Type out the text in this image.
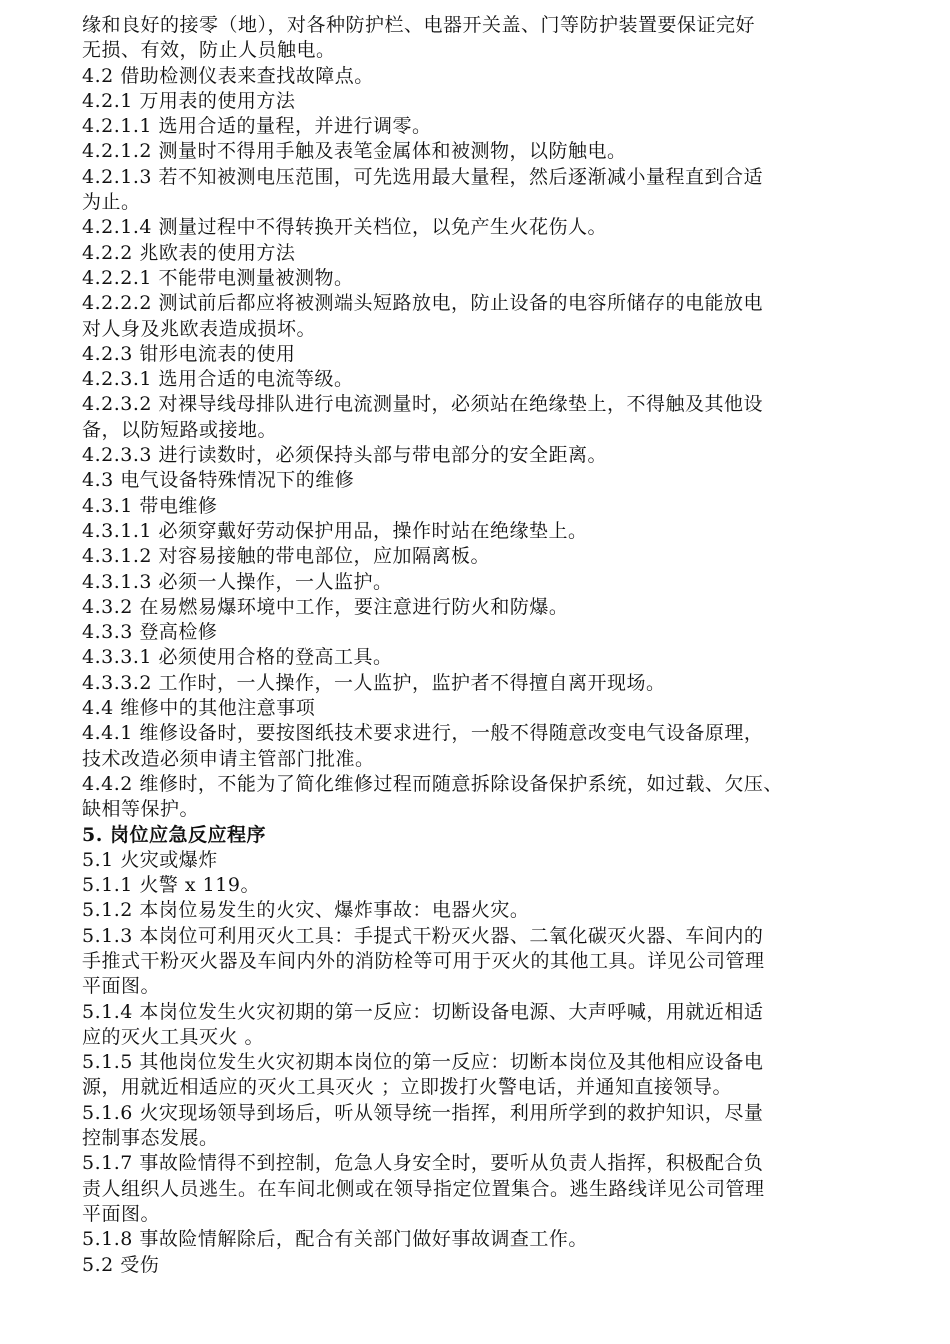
缘和良好的接零（地），对各种防护栏、电器开关盖、门等防护装置要保证完好

无损、有效，防止人员触电。

4.2 借助检测仪表来查找故障点。

4.2.1 万用表的使用方法

4.2.1.1 选用合适的量程，并进行调零。

4.2.1.2 测量时不得用手触及表笔金属体和被测物，以防触电。

4.2.1.3 若不知被测电压范围，可先选用最大量程，然后逐渐减小量程直到合适

为止。

4.2.1.4 测量过程中不得转换开关档位，以免产生火花伤人。

4.2.2 兆欧表的使用方法

4.2.2.1 不能带电测量被测物。

4.2.2.2 测试前后都应将被测端头短路放电，防止设备的电容所储存的电能放电

对人身及兆欧表造成损坏。

4.2.3 钳形电流表的使用

4.2.3.1 选用合适的电流等级。

4.2.3.2 对裸导线母排队进行电流测量时，必须站在绝缘垫上，不得触及其他设

备，以防短路或接地。

4.2.3.3 进行读数时，必须保持头部与带电部分的安全距离。

4.3 电气设备特殊情况下的维修

4.3.1 带电维修

4.3.1.1 必须穿戴好劳动保护用品，操作时站在绝缘垫上。

4.3.1.2 对容易接触的带电部位，应加隔离板。

4.3.1.3 必须一人操作，一人监护。

4.3.2 在易燃易爆环境中工作，要注意进行防火和防爆。

4.3.3 登高检修

4.3.3.1 必须使用合格的登高工具。

4.3.3.2 工作时，一人操作，一人监护，监护者不得擅自离开现场。

4.4 维修中的其他注意事项

4.4.1 维修设备时，要按图纸技术要求进行，一般不得随意改变电气设备原理，

技术改造必须申请主管部门批准。

4.4.2 维修时，不能为了简化维修过程而随意拆除设备保护系统，如过载、欠压、

缺相等保护。

5. 岗位应急反应程序

5.1 火灾或爆炸

5.1.1 火警 x 119。

5.1.2 本岗位易发生的火灾、爆炸事故：电器火灾。

5.1.3 本岗位可利用灭火工具：手提式干粉灭火器、二氧化碳灭火器、车间内的

手推式干粉灭火器及车间内外的消防栓等可用于灭火的其他工具。详见公司管理

平面图。

5.1.4 本岗位发生火灾初期的第一反应：切断设备电源、大声呼喊，用就近相适

应的灭火工具灭火 。

5.1.5 其他岗位发生火灾初期本岗位的第一反应：切断本岗位及其他相应设备电

源，用就近相适应的灭火工具灭火 ；立即拨打火警电话，并通知直接领导。

5.1.6 火灾现场领导到场后，听从领导统一指挥，利用所学到的救护知识，尽量

控制事态发展。

5.1.7 事故险情得不到控制，危急人身安全时，要听从负责人指挥，积极配合负

责人组织人员逃生。在车间北侧或在领导指定位置集合。逃生路线详见公司管理

平面图。

5.1.8 事故险情解除后，配合有关部门做好事故调查工作。

5.2 受伤
